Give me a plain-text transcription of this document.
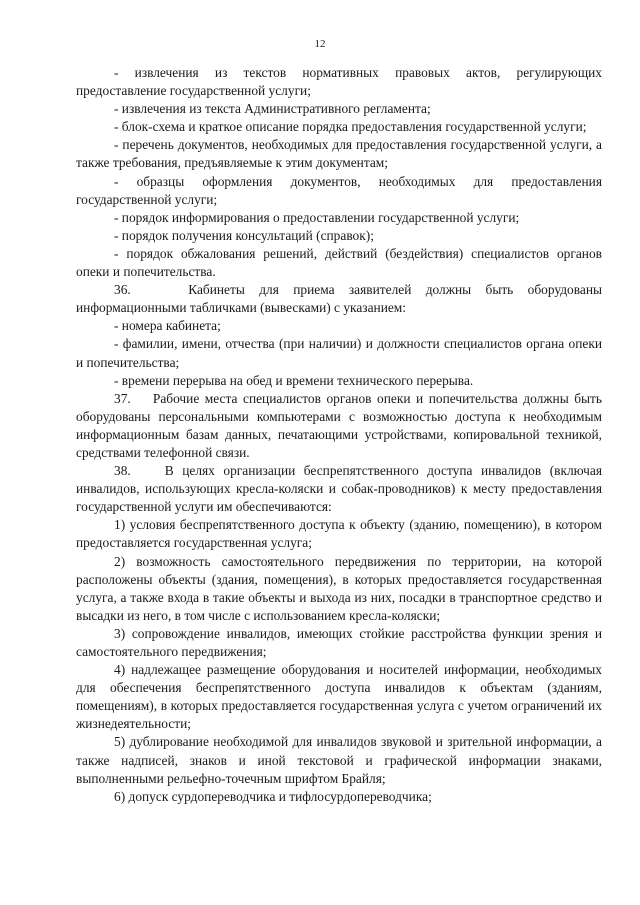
12

- извлечения из текстов нормативных правовых актов, регулирующих предоставление государственной услуги;

- извлечения из текста Административного регламента;

- блок-схема и краткое описание порядка предоставления государственной услуги;

- перечень документов, необходимых для предоставления государственной услуги, а также требования, предъявляемые к этим документам;

- образцы оформления документов, необходимых для предоставления государственной услуги;

- порядок информирования о предоставлении государственной услуги;

- порядок получения консультаций (справок);

- порядок обжалования решений, действий (бездействия) специалистов органов опеки и попечительства.

36.    Кабинеты для приема заявителей должны быть оборудованы информационными табличками (вывесками) с указанием:

- номера кабинета;

- фамилии, имени, отчества (при наличии) и должности специалистов органа опеки и попечительства;

- времени перерыва на обед и времени технического перерыва.

37.    Рабочие места специалистов органов опеки и попечительства должны быть оборудованы персональными компьютерами с возможностью доступа к необходимым информационным базам данных, печатающими устройствами, копировальной техникой, средствами телефонной связи.

38.    В целях организации беспрепятственного доступа инвалидов (включая инвалидов, использующих кресла-коляски и собак-проводников) к месту предоставления государственной услуги им обеспечиваются:

1) условия беспрепятственного доступа к объекту (зданию, помещению), в котором предоставляется государственная услуга;

2) возможность самостоятельного передвижения по территории, на которой расположены объекты (здания, помещения), в которых предоставляется государственная услуга, а также входа в такие объекты и выхода из них, посадки в транспортное средство и высадки из него, в том числе с использованием кресла-коляски;

3) сопровождение инвалидов, имеющих стойкие расстройства функции зрения и самостоятельного передвижения;

4) надлежащее размещение оборудования и носителей информации, необходимых для обеспечения беспрепятственного доступа инвалидов к объектам (зданиям, помещениям), в которых предоставляется государственная услуга с учетом ограничений их жизнедеятельности;

5) дублирование необходимой для инвалидов звуковой и зрительной информации, а также надписей, знаков и иной текстовой и графической информации знаками, выполненными рельефно-точечным шрифтом Брайля;

6) допуск сурдопереводчика и тифлосурдопереводчика;
